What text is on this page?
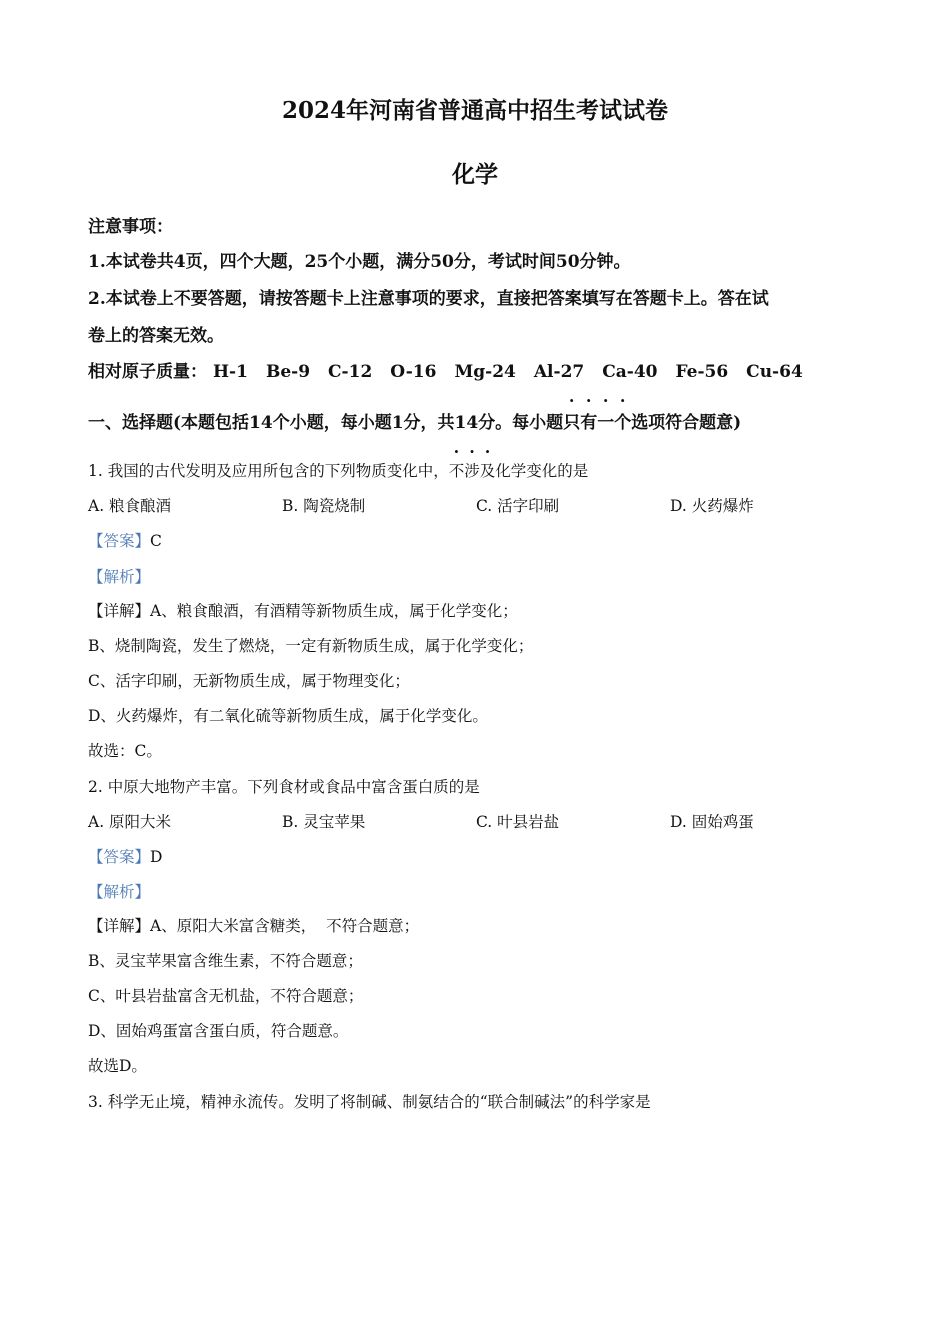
2024年河南省普通高中招生考试试卷
化学
注意事项：
1.本试卷共4页，四个大题，25个小题，满分50分，考试时间50分钟。
2.本试卷上不要答题，请按答题卡上注意事项的要求，直接把答案填写在答题卡上。答在试
卷上的答案无效。
相对原子质量： H-1 Be-9 C-12 O-16 Mg-24 Al-27 Ca-40 Fe-56 Cu-64
一、选择题(本题包括14个小题，每小题1分，共14分。每小题只有一个选项符合题意)
1. 我国的古代发明及应用所包含的下列物质变化中，不涉及化学变化的是
A. 粮食酿酒	B. 陶瓷烧制	C. 活字印刷	D. 火药爆炸
【答案】C
【解析】
【详解】A、粮食酿酒，有酒精等新物质生成，属于化学变化；
B、烧制陶瓷，发生了燃烧，一定有新物质生成，属于化学变化；
C、活字印刷，无新物质生成，属于物理变化；
D、火药爆炸，有二氧化硫等新物质生成，属于化学变化。
故选：C。
2. 中原大地物产丰富。下列食材或食品中富含蛋白质的是
A. 原阳大米	B. 灵宝苹果	C. 叶县岩盐	D. 固始鸡蛋
【答案】D
【解析】
【详解】A、原阳大米富含糖类，  不符合题意；
B、灵宝苹果富含维生素，不符合题意；
C、叶县岩盐富含无机盐，不符合题意；
D、固始鸡蛋富含蛋白质，符合题意。
故选D。
3. 科学无止境，精神永流传。发明了将制碱、制氨结合的“联合制碱法”的科学家是
